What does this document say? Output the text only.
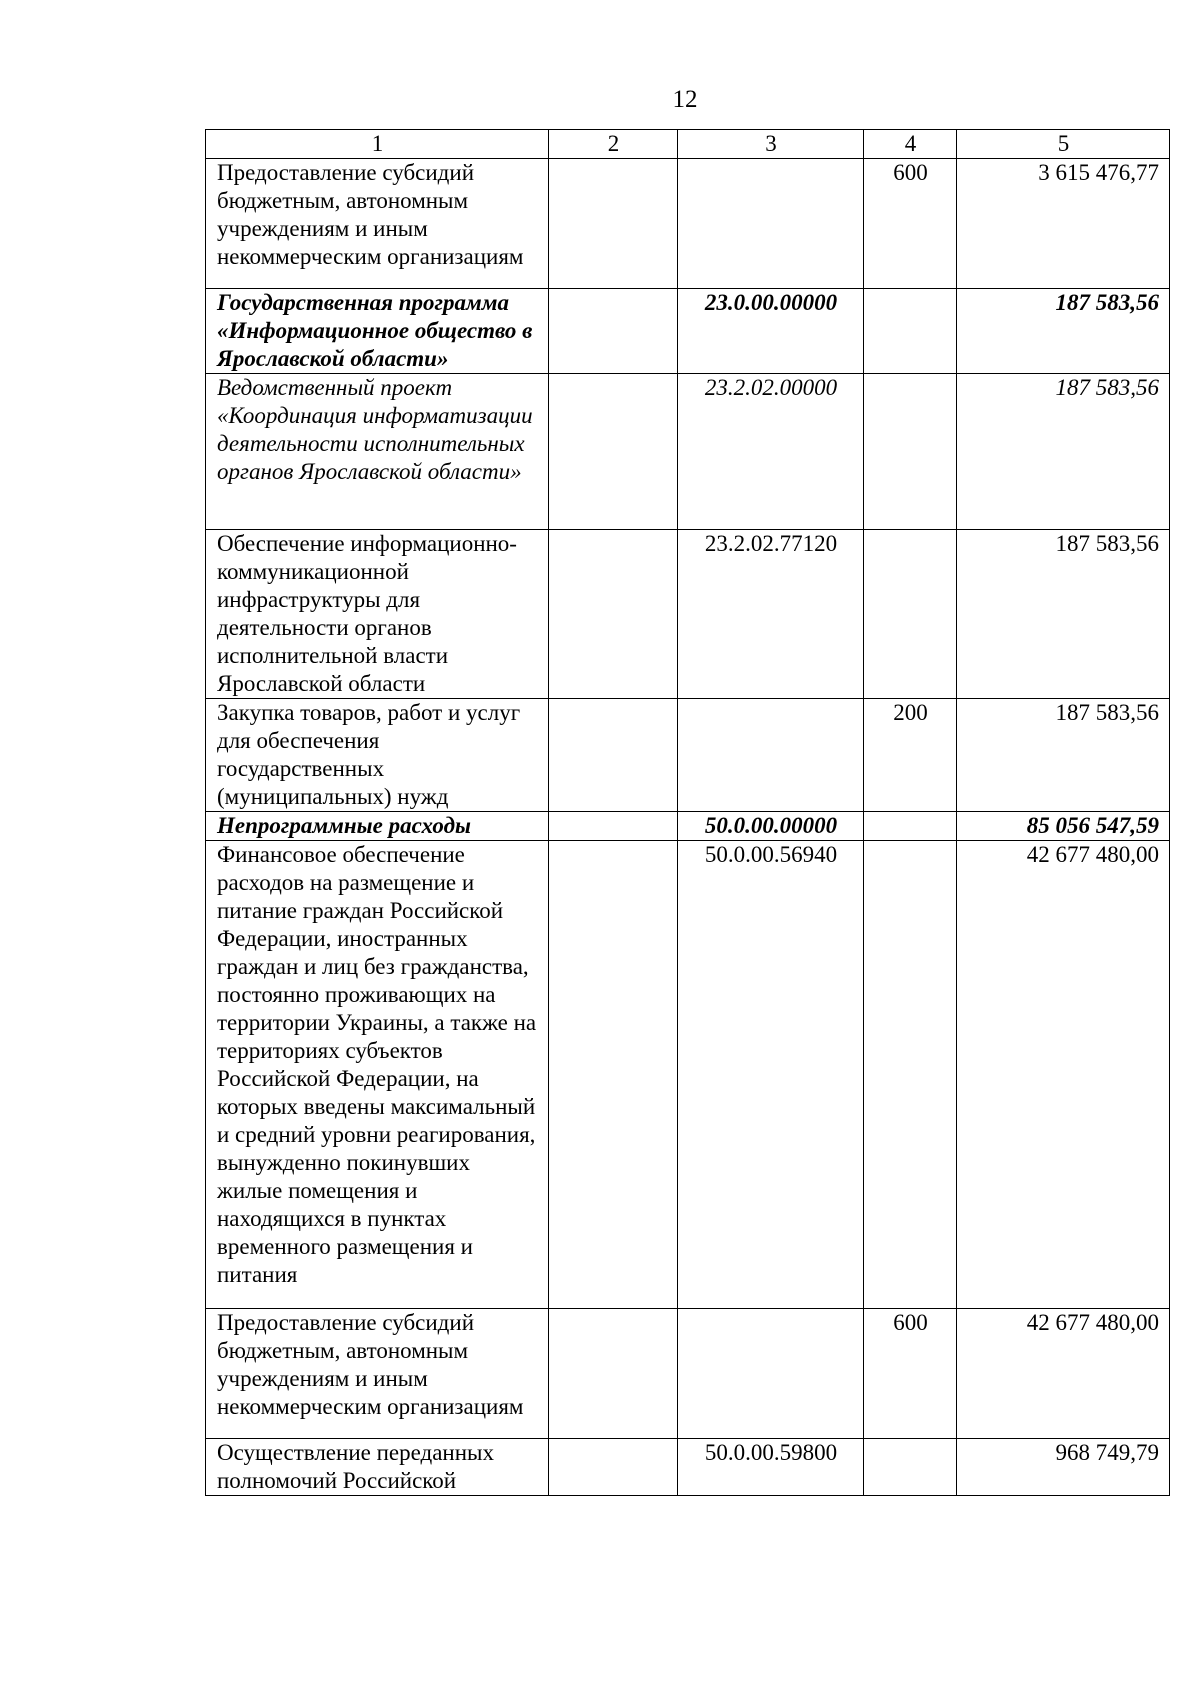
12
1	2	3	4	5
Предоставление субсидий бюджетным, автономным учреждениям и иным некоммерческим организациям			600	3 615 476,77
Государственная программа «Информационное общество в Ярославской области»		23.0.00.00000		187 583,56
Ведомственный проект «Координация информатизации деятельности исполнительных органов Ярославской области»		23.2.02.00000		187 583,56
Обеспечение информационно-коммуникационной инфраструктуры для деятельности органов исполнительной власти Ярославской области		23.2.02.77120		187 583,56
Закупка товаров, работ и услуг для обеспечения государственных (муниципальных) нужд			200	187 583,56
Непрограммные расходы		50.0.00.00000		85 056 547,59
Финансовое обеспечение расходов на размещение и питание граждан Российской Федерации, иностранных граждан и лиц без гражданства, постоянно проживающих на территории Украины, а также на территориях субъектов Российской Федерации, на которых введены максимальный и средний уровни реагирования, вынужденно покинувших жилые помещения и находящихся в пунктах временного размещения и питания		50.0.00.56940		42 677 480,00
Предоставление субсидий бюджетным, автономным учреждениям и иным некоммерческим организациям			600	42 677 480,00
Осуществление переданных полномочий Российской		50.0.00.59800		968 749,79
